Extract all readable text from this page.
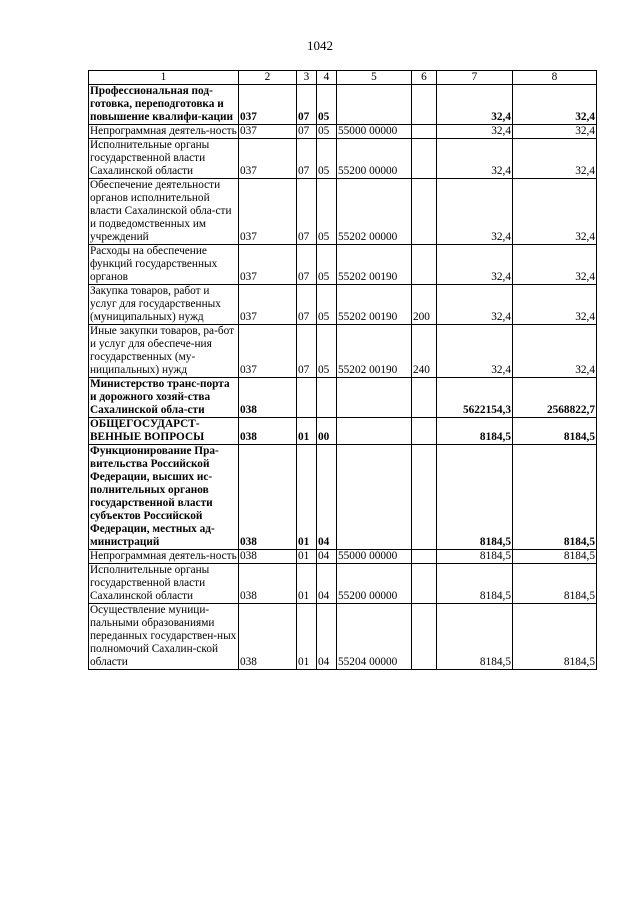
1042
1	2	3	4	5	6	7	8
Профессиональная под-готовка, переподготовка и повышение квалифи-кации	037	07	05			32,4	32,4
Непрограммная деятель-ность	037	07	05	55000 00000		32,4	32,4
Исполнительные органы государственной власти Сахалинской области	037	07	05	55200 00000		32,4	32,4
Обеспечение деятельности органов исполнительной власти Сахалинской обла-сти и подведомственных им учреждений	037	07	05	55202 00000		32,4	32,4
Расходы на обеспечение функций государственных органов	037	07	05	55202 00190		32,4	32,4
Закупка товаров, работ и услуг для государственных (муниципальных) нужд	037	07	05	55202 00190	200	32,4	32,4
Иные закупки товаров, ра-бот и услуг для обеспече-ния государственных (му-ниципальных) нужд	037	07	05	55202 00190	240	32,4	32,4
Министерство транс-порта и дорожного хозяй-ства Сахалинской обла-сти	038					5622154,3	2568822,7
ОБЩЕГОСУДАРСТ-ВЕННЫЕ ВОПРОСЫ	038	01	00			8184,5	8184,5
Функционирование Пра-вительства Российской Федерации, высших ис-полнительных органов государственной власти субъектов Российской Федерации, местных ад-министраций	038	01	04			8184,5	8184,5
Непрограммная деятель-ность	038	01	04	55000 00000		8184,5	8184,5
Исполнительные органы государственной власти Сахалинской области	038	01	04	55200 00000		8184,5	8184,5
Осуществление муници-пальными образованиями переданных государствен-ных полномочий Сахалин-ской области	038	01	04	55204 00000		8184,5	8184,5
